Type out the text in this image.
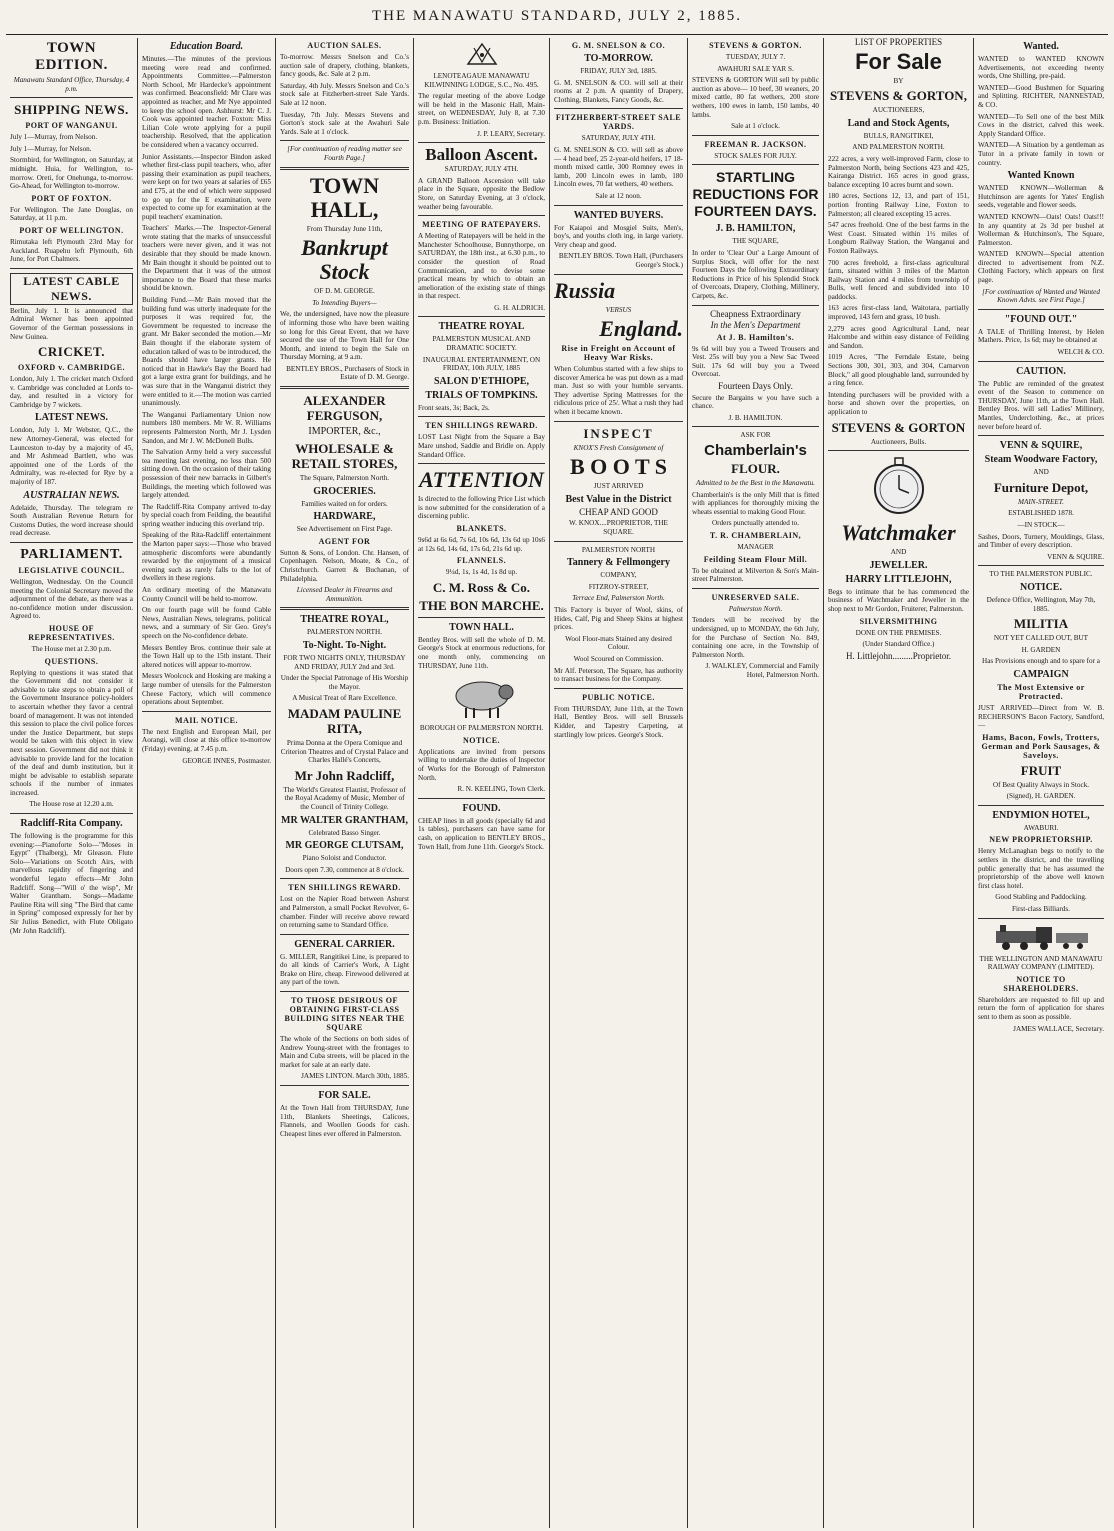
THE MANAWATU STANDARD, JULY 2, 1885.
TOWN EDITION.

Manawatu Standard Office, Thursday, 4 p.m.

SHIPPING NEWS.
PORT OF WANGANUI.

July 1—Murray, from Nelson.

July 1—Murray, for Nelson.

Stormbird, for Wellington, on Saturday, at midnight. Huia, for Wellington, to-morrow. Oreti, for Onehunga, to-morrow. Go-Ahead, for Wellington to-morrow.

PORT OF FOXTON.

For Wellington. The Jane Douglas, on Saturday, at 11 p.m.

PORT OF WELLINGTON.

Rimutaka left Plymouth 23rd May for Auckland. Ruapehu left Plymouth, 6th June, for Port Chalmers.

LATEST CABLE NEWS.

Berlin, July 1. It is announced that Admiral Werner has been appointed Governor of the German possessions in New Guinea.

CRICKET.
OXFORD v. CAMBRIDGE.

London, July 1. The cricket match Oxford v. Cambridge was concluded at Lords to-day, and resulted in a victory for Cambridge by 7 wickets.

LATEST NEWS.

London, July 1. Mr Webster, Q.C., the new Attorney-General, was elected for Launceston to-day by a majority of 45, and Mr Ashmead Bartlett, who was appointed one of the Lords of the Admiralty, was re-elected for Rye by a majority of 187.

AUSTRALIAN NEWS.

Adelaide, Thursday. The telegram re South Australian Revenue Return for Customs Duties, the word increase should read decrease.

PARLIAMENT.
LEGISLATIVE COUNCIL.

Wellington, Wednesday. On the Council meeting the Colonial Secretary moved the adjournment of the debate, as there was a no-confidence motion under discussion. Agreed to.

HOUSE OF REPRESENTATIVES.

The House met at 2.30 p.m.

QUESTIONS.

Replying to questions it was stated that the Government did not consider it advisable to take steps to obtain a poll of the Government Insurance policy-holders to ascertain whether they favor a central board of management. It was not intended this session to place the civil police forces under the Justice Department, but steps would be taken with this object in view next session. Government did not think it advisable to provide land for the location of the deaf and dumb institution, but it might be advisable to establish separate schools if the number of inmates increased.

The House rose at 12.20 a.m.

Radcliff-Rita Company.

The following is the programme for this evening:—Pianoforte Solo—"Moses in Egypt" (Thalberg), Mr Gleason. Flute Solo—Variations on Scotch Airs, with marvellous rapidity of fingering and wonderful legato effects—Mr John Radcliff. Song—"Will o' the wisp", Mr Walter Grantham. Songs—Madame Pauline Rita will sing "The Bird that came in Spring" composed expressly for her by Sir Julius Benedict, with Flute Obligato (Mr John Radcliff).

Education Board.

Minutes.—The minutes of the previous meeting were read and confirmed. Appointments Committee.—Palmerston North School, Mr Hardecke's appointment was confirmed. Beaconsfield: Mr Clare was appointed as teacher, and Mr Nye appointed to keep the school open. Ashhurst: Mr C. J. Cook was appointed teacher. Foxton: Miss Lilian Cole wrote applying for a pupil teachership. Resolved, that the application be considered when a vacancy occurred.

Junior Assistants.—Inspector Bindon asked whether first-class pupil teachers, who, after passing their examination as pupil teachers, were kept on for two years at salaries of £65 and £75, at the end of which were supposed to go up for the E examination, were expected to come up for examination at the pupil teachers' examination.

Teachers' Marks.—The Inspector-General wrote stating that the marks of unsuccessful teachers were never given, and it was not desirable that they should be made known. Mr Bain thought it should be pointed out to the Department that it was of the utmost importance to the Board that these marks should be known.

Building Fund.—Mr Bain moved that the building fund was utterly inadequate for the purposes it was required for, the Government be requested to increase the grant. Mr Baker seconded the motion.—Mr Bain thought if the elaborate system of education talked of was to be introduced, the Boards should have larger grants. He noticed that in Hawke's Bay the Board had got a large extra grant for buildings, and he was sure that in the Wanganui district they were entitled to it.—The motion was carried unanimously.

The Wanganui Parliamentary Union now numbers 180 members. Mr W. R. Williams represents Palmerston North, Mr J. Lysden Sandon, and Mr J. W. McDonell Bulls.

The Salvation Army held a very successful tea meeting last evening, no less than 500 sitting down. On the occasion of their taking possession of their new barracks in Gilbert's Buildings, the meeting which followed was largely attended.

The Radcliff-Rita Company arrived to-day by special coach from Feilding, the beautiful spring weather inducing this overland trip.

Speaking of the Rita-Radcliff entertainment the Marton paper says:—Those who braved atmospheric discomforts were abundantly rewarded by the enjoyment of a musical evening such as rarely falls to the lot of dwellers in these regions.

An ordinary meeting of the Manawatu County Council will be held to-morrow.

On our fourth page will be found Cable News, Australian News, telegrams, political news, and a summary of Sir Geo. Grey's speech on the No-confidence debate.

Messrs Bentley Bros. continue their sale at the Town Hall up to the 15th instant. Their altered notices will appear to-morrow.

Messrs Woolcock and Hosking are making a large number of utensils for the Palmerston Cheese Factory, which will commence operations about September.

MAIL NOTICE.

The next English and European Mail, per Aorangi, will close at this office to-morrow (Friday) evening, at 7.45 p.m.

GEORGE INNES, Postmaster.

AUCTION SALES.

To-morrow. Messrs Snelson and Co.'s auction sale of drapery, clothing, blankets, fancy goods, &c. Sale at 2 p.m.

Saturday, 4th July. Messrs Snelson and Co.'s stock sale at Fitzherbert-street Sale Yards. Sale at 12 noon.

Tuesday, 7th July. Messrs Stevens and Gorton's stock sale at the Awahuri Sale Yards. Sale at 1 o'clock.

[For continuation of reading matter see Fourth Page.]

TOWN HALL,

From Thursday June 11th,

Bankrupt Stock

OF D. M. GEORGE.

To Intending Buyers—

We, the undersigned, have now the pleasure of informing those who have been waiting so long for this Great Event, that we have secured the use of the Town Hall for One Month, and intend to begin the Sale on Thursday Morning, at 9 a.m.

BENTLEY BROS., Purchasers of Stock in Estate of D. M. George.

ALEXANDER FERGUSON,

IMPORTER, &c.,

WHOLESALE & RETAIL STORES,

The Square, Palmerston North.

GROCERIES.

Families waited on for orders.

HARDWARE,

See Advertisement on First Page.

AGENT FOR

Sutton & Sons, of London. Chr. Hansen, of Copenhagen. Nelson, Moate, & Co., of Christchurch. Garrett & Buchanan, of Philadelphia.

Licensed Dealer in Firearms and Ammunition.

THEATRE ROYAL,

PALMERSTON NORTH.

To-Night. To-Night.

FOR TWO NIGHTS ONLY, THURSDAY AND FRIDAY, JULY 2nd and 3rd.

Under the Special Patronage of His Worship the Mayor.

A Musical Treat of Rare Excellence.

MADAM PAULINE RITA,

Prima Donna at the Opera Comique and Criterion Theatres and of Crystal Palace and Charles Hallé's Concerts,

Mr John Radcliff,

The World's Greatest Flautist, Professor of the Royal Academy of Music, Member of the Council of Trinity College.

MR WALTER GRANTHAM,

Celebrated Basso Singer.

MR GEORGE CLUTSAM,

Piano Soloist and Conductor.

Doors open 7.30, commence at 8 o'clock.

TEN SHILLINGS REWARD.

Lost on the Napier Road between Ashurst and Palmerston, a small Pocket Revolver, 6-chamber. Finder will receive above reward on returning same to Standard Office.

GENERAL CARRIER.

G. MILLER, Rangitikei Line, is prepared to do all kinds of Carrier's Work, A Light Brake on Hire, cheap. Firewood delivered at any part of the town.

TO THOSE DESIROUS OF OBTAINING FIRST-CLASS BUILDING SITES NEAR THE SQUARE

The whole of the Sections on both sides of Andrew Young-street with the frontages to Main and Cuba streets, will be placed in the market for sale at an early date.

JAMES LINTON. March 30th, 1885.

FOR SALE.

At the Town Hall from THURSDAY, June 11th, Blankets Sheetings, Calicoes, Flannels, and Woollen Goods for cash. Cheapest lines ever offered in Palmerston.

LENOTEAGAUE MANAWATU KILWINNING LODGE, S.C., No. 495.

The regular meeting of the above Lodge will be held in the Masonic Hall, Main-street, on WEDNESDAY, July 8, at 7.30 p.m. Business: Initiation.

J. P. LEARY, Secretary.

Balloon Ascent.

SATURDAY, JULY 4TH.

A GRAND Balloon Ascension will take place in the Square, opposite the Bedlow Store, on Saturday Evening, at 3 o'clock, weather being favourable.

MEETING OF RATEPAYERS.

A Meeting of Ratepayers will be held in the Manchester Schoolhouse, Bunnythorpe, on SATURDAY, the 18th inst., at 6.30 p.m., to consider the question of Road Communication, and to devise some practical means by which to obtain an amelioration of the existing state of things in that respect.

G. H. ALDRICH.

THEATRE ROYAL

PALMERSTON MUSICAL AND DRAMATIC SOCIETY.

INAUGURAL ENTERTAINMENT, ON FRIDAY, 10th JULY, 1885

SALON D'ETHIOPE,
TRIALS OF TOMPKINS.

Front seats, 3s; Back, 2s.

TEN SHILLINGS REWARD.

LOST Last Night from the Square a Bay Mare unshod, Saddle and Bridle on. Apply Standard Office.

ATTENTION

Is directed to the following Price List which is now submitted for the consideration of a discerning public.

BLANKETS.

9s6d at 6s 6d, 7s 6d, 10s 6d, 13s 6d up 10s6 at 12s 6d, 14s 6d, 17s 6d, 21s 6d up.

FLANNELS.

9¼d, 1s, 1s 4d, 1s 8d up.

C. M. Ross & Co.
THE BON MARCHE.
TOWN HALL.

Bentley Bros. will sell the whole of D. M. George's Stock at enormous reductions, for one month only, commencing on THURSDAY, June 11th.

BOROUGH OF PALMERSTON NORTH.

NOTICE.

Applications are invited from persons willing to undertake the duties of Inspector of Works for the Borough of Palmerston North.

R. N. KEELING, Town Clerk.

FOUND.

CHEAP lines in all goods (specially 6d and 1s tables), purchasers can have same for cash, on application to BENTLEY BROS., Town Hall, from June 11th. George's Stock.

G. M. SNELSON & CO.
TO-MORROW.

FRIDAY, JULY 3rd, 1885.

G. M. SNELSON & CO. will sell at their rooms at 2 p.m. A quantity of Drapery, Clothing, Blankets, Fancy Goods, &c.

FITZHERBERT-STREET SALE YARDS.

SATURDAY, JULY 4TH.

G. M. SNELSON & CO. will sell as above— 4 head beef, 25 2-year-old heifers, 17 18-month mixed cattle, 300 Romney ewes in lamb, 200 Lincoln ewes in lamb, 180 Lincoln ewes, 70 fat wethers, 40 wethers.

Sale at 12 noon.

WANTED BUYERS.

For Kaiapoi and Mosgiel Suits, Men's, boy's, and youths cloth ing, in large variety. Very cheap and good.

BENTLEY BROS. Town Hall, (Purchasers George's Stock.)

Russia

VERSUS

England.
Rise in Freight on Account of Heavy War Risks.

When Columbus started with a few ships to discover America he was put down as a mad man. Just so with your humble servants. They advertise Spring Mattresses for the ridiculous price of 25/. What a rush they had when it became known.

INSPECT

KNOX'S Fresh Consignment of

B O O T S

JUST ARRIVED

Best Value in the District

CHEAP AND GOOD

W. KNOX....PROPRIETOR, THE SQUARE.

PALMERSTON NORTH

Tannery & Fellmongery

COMPANY,

FITZROY-STREET,

Terrace End, Palmerston North.

This Factory is buyer of Wool, skins, of Hides, Calf, Pig and Sheep Skins at highest prices.

Wool Floor-mats Stained any desired Colour.

Wool Scoured on Commission.

Mr Alf. Peterson, The Square, has authority to transact business for the Company.

PUBLIC NOTICE.

From THURSDAY, June 11th, at the Town Hall, Bentley Bros. will sell Brussels Kidder, and Tapestry Carpeting, at startlingly low prices. George's Stock.

STEVENS & GORTON.

TUESDAY, JULY 7.

AWAHURI SALE YAR S.

STEVENS & GORTON Will sell by public auction as above— 10 beef, 30 weaners, 20 mixed cattle, 80 fat wethers, 200 store wethers, 100 ewes in lamb, 150 lambs, 40 lambs.

Sale at 1 o'clock.

FREEMAN R. JACKSON.

STOCK SALES FOR JULY.

STARTLING REDUCTIONS FOR FOURTEEN DAYS.
J. B. HAMILTON,

THE SQUARE,

In order to 'Clear Out' a Large Amount of Surplus Stock, will offer for the next Fourteen Days the following Extraordinary Reductions in Price of his Splendid Stock of Overcoats, Drapery, Clothing, Millinery, Carpets, &c.

Cheapness Extraordinary

In the Men's Department

At J. B. Hamilton's.

9s 6d will buy you a Tweed Trousers and Vest. 25s will buy you a New Sac Tweed Suit. 17s 6d will buy you a Tweed Overcoat.

Fourteen Days Only.

Secure the Bargains w you have such a chance.

J. B. HAMILTON.

ASK FOR

Chamberlain's
FLOUR.

Admitted to be the Best in the Manawatu.

Chamberlain's is the only Mill that is fitted with appliances for thoroughly mixing the wheats essential to making Good Flour.

Orders punctually attended to.

T. R. CHAMBERLAIN,

MANAGER

Feilding Steam Flour Mill.

To be obtained at Milverton & Son's Main-street Palmerston.

UNRESERVED SALE.

Palmerston North.

Tenders will be received by the undersigned, up to MONDAY, the 6th July, for the Purchase of Section No. 849, containing one acre, in the Township of Palmerston North.

J. WALKLEY, Commercial and Family Hotel, Palmerston North.

LIST OF PROPERTIES

For Sale

BY

STEVENS & GORTON,

AUCTIONEERS,

Land and Stock Agents,

BULLS, RANGITIKEI,

AND PALMERSTON NORTH.

222 acres, a very well-improved Farm, close to Palmerston North, being Sections 423 and 425, Kairanga District. 165 acres in good grass, balance excepting 10 acres burnt and sown.

180 acres, Sections 12, 13, and part of 151, portion fronting Railway Line, Foxton to Palmerston; all cleared excepting 15 acres.

547 acres freehold. One of the best farms in the West Coast. Situated within 1½ miles of Longburn Railway Station, the Wanganui and Foxton Railways.

700 acres freehold, a first-class agricultural farm, situated within 3 miles of the Marton Railway Station and 4 miles from township of Bulls, well fenced and subdivided into 10 paddocks.

163 acres first-class land, Waitotara, partially improved, 143 fern and grass, 10 bush.

2,279 acres good Agricultural Land, near Halcombe and within easy distance of Feilding and Sandon.

1019 Acres, "The Ferndale Estate, being Sections 300, 301, 303, and 304, Carnarvon Block," all good ploughable land, surrounded by a ring fence.

Intending purchasers will be provided with a horse and shown over the properties, on application to

STEVENS & GORTON

Auctioneers, Bulls.

Watchmaker

AND

JEWELLER.
HARRY LITTLEJOHN,

Begs to intimate that he has commenced the business of Watchmaker and Jeweller in the shop next to Mr Gordon, Fruiterer, Palmerston.

SILVERSMITHING

DONE ON THE PREMISES.

(Under Standard Office.)

H. Littlejohn.........Proprietor.

Wanted.

WANTED to WANTED KNOWN Advertisements, not exceeding twenty words, One Shilling, pre-paid.

WANTED—Good Bushmen for Squaring and Splitting. RICHTER, NANNESTAD, & CO.

WANTED—To Sell one of the best Milk Cows in the district, calved this week. Apply Standard Office.

WANTED—A Situation by a gentleman as Tutor in a private family in town or country.

Wanted Known

WANTED KNOWN—Wollerman & Hutchinson are agents for Yates' English seeds, vegetable and flower seeds.

WANTED KNOWN—Oats! Oats! Oats!!! In any quantity at 2s 3d per bushel at Wollerman & Hutchinson's, The Square, Palmerston.

WANTED KNOWN—Special attention directed to advertisement from N.Z. Clothing Factory, which appears on first page.

[For continuation of Wanted and Wanted Known Advts. see First Page.]

"FOUND OUT."

A TALE of Thrilling Interest, by Helen Mathers. Price, 1s 6d; may be obtained at

WELCH & CO.

CAUTION.

The Public are reminded of the greatest event of the Season to commence on THURSDAY, June 11th, at the Town Hall. Bentley Bros. will sell Ladies' Millinery, Mantles, Underclothing, &c., at prices never before heard of.

VENN & SQUIRE,
Steam Woodware Factory,

AND

Furniture Depot,

MAIN-STREET.

ESTABLISHED 1878.

—IN STOCK—

Sashes, Doors, Turnery, Mouldings, Glass, and Timber of every description.

VENN & SQUIRE.

TO THE PALMERSTON PUBLIC.

NOTICE.

Defence Office, Wellington, May 7th, 1885.

MILITIA

NOT YET CALLED OUT, BUT

H. GARDEN

Has Provisions enough and to spare for a

CAMPAIGN
The Most Extensive or Protracted.

JUST ARRIVED—Direct from W. B. RECHERSON'S Bacon Factory, Sandford,—

Hams, Bacon, Fowls, Trotters, German and Pork Sausages, & Saveloys.
FRUIT

Of Best Quality Always in Stock.

(Signed), H. GARDEN.

ENDYMION HOTEL,

AWABURI.

NEW PROPRIETORSHIP.

Henry McLanaghan begs to notify to the settlers in the district, and the travelling public generally that he has assumed the proprietorship of the above well known first class hotel.

Good Stabling and Paddocking.

First-class Billiards.

THE WELLINGTON AND MANAWATU RAILWAY COMPANY (LIMITED).

NOTICE TO SHAREHOLDERS.

Shareholders are requested to fill up and return the form of application for shares sent to them as soon as possible.

JAMES WALLACE, Secretary.
